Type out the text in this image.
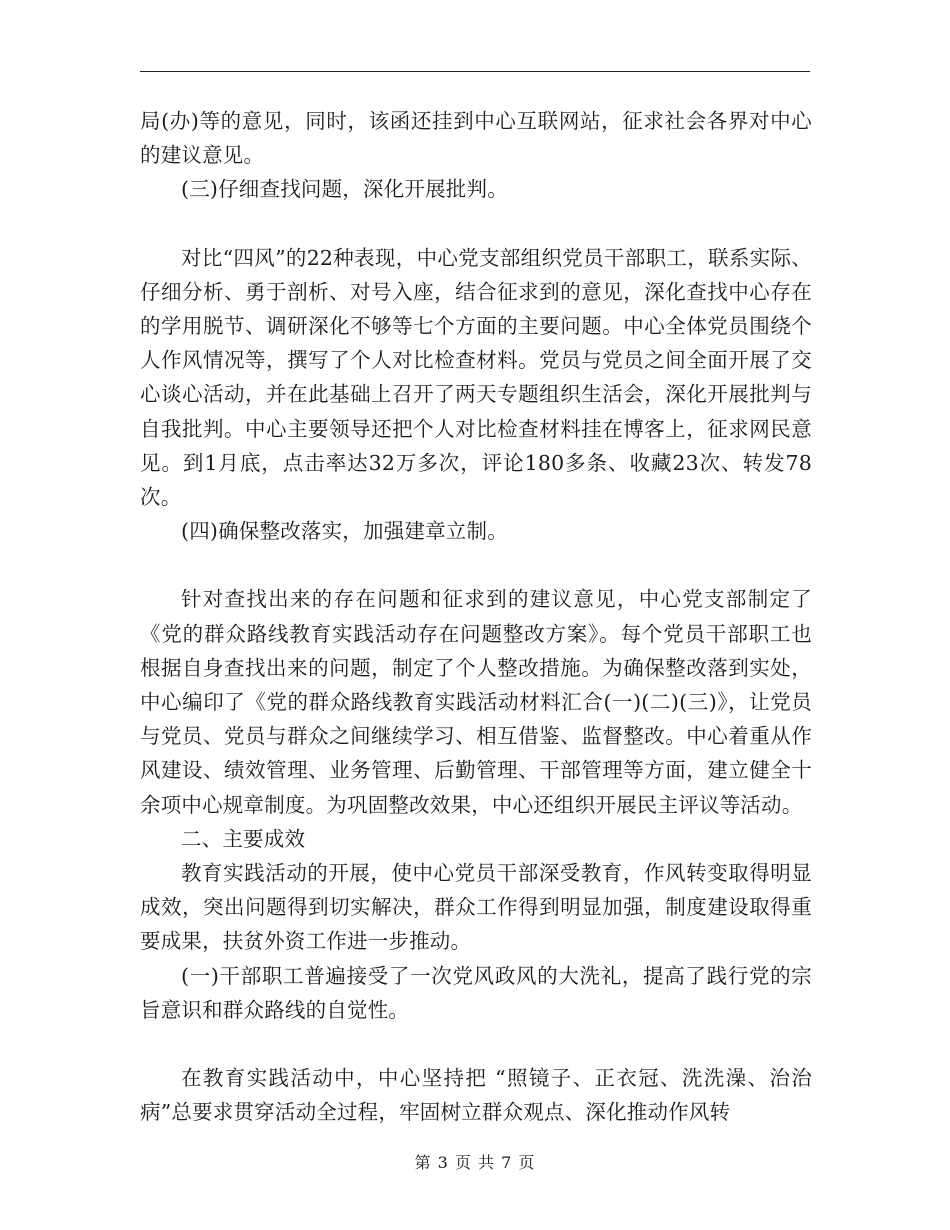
局(办)等的意见，同时，该函还挂到中心互联网站，征求社会各界对中心的建议意见。

(三)仔细查找问题，深化开展批判。

对比“四风”的22种表现，中心党支部组织党员干部职工，联系实际、仔细分析、勇于剖析、对号入座，结合征求到的意见，深化查找中心存在的学用脱节、调研深化不够等七个方面的主要问题。中心全体党员围绕个人作风情况等，撰写了个人对比检查材料。党员与党员之间全面开展了交心谈心活动，并在此基础上召开了两天专题组织生活会，深化开展批判与自我批判。中心主要领导还把个人对比检查材料挂在博客上，征求网民意见。到1月底，点击率达32万多次，评论180多条、收藏23次、转发78次。

(四)确保整改落实，加强建章立制。

针对查找出来的存在问题和征求到的建议意见，中心党支部制定了《党的群众路线教育实践活动存在问题整改方案》。每个党员干部职工也根据自身查找出来的问题，制定了个人整改措施。为确保整改落到实处，中心编印了《党的群众路线教育实践活动材料汇合(一)(二)(三)》，让党员与党员、党员与群众之间继续学习、相互借鉴、监督整改。中心着重从作风建设、绩效管理、业务管理、后勤管理、干部管理等方面，建立健全十余项中心规章制度。为巩固整改效果，中心还组织开展民主评议等活动。

二、主要成效

教育实践活动的开展，使中心党员干部深受教育，作风转变取得明显成效，突出问题得到切实解决，群众工作得到明显加强，制度建设取得重要成果，扶贫外资工作进一步推动。

(一)干部职工普遍接受了一次党风政风的大洗礼，提高了践行党的宗旨意识和群众路线的自觉性。

在教育实践活动中，中心坚持把 “照镜子、正衣冠、洗洗澡、治治病”总要求贯穿活动全过程，牢固树立群众观点、深化推动作风转

第 3 页 共 7 页
